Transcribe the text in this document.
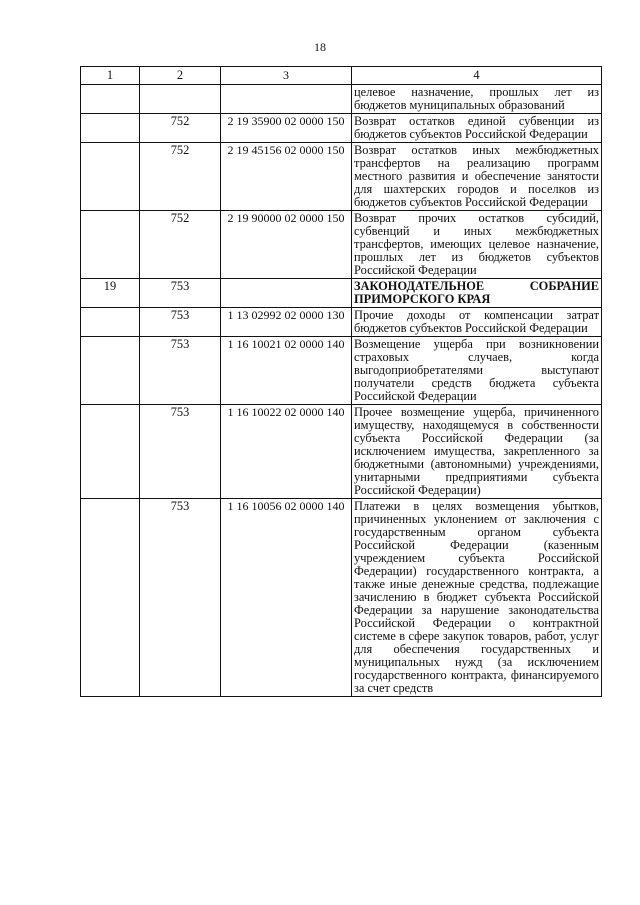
18
1	2	3	4
			целевое назначение, прошлых лет из бюджетов муниципальных образований
	752	2 19 35900 02 0000 150	Возврат остатков единой субвенции из бюджетов субъектов Российской Федерации
	752	2 19 45156 02 0000 150	Возврат остатков иных межбюджетных трансфертов на реализацию программ местного развития и обеспечение занятости для шахтерских городов и поселков из бюджетов субъектов Российской Федерации
	752	2 19 90000 02 0000 150	Возврат прочих остатков субсидий, субвенций и иных межбюджетных трансфертов, имеющих целевое назначение, прошлых лет из бюджетов субъектов Российской Федерации
19	753		ЗАКОНОДАТЕЛЬНОЕ СОБРАНИЕ ПРИМОРСКОГО КРАЯ
	753	1 13 02992 02 0000 130	Прочие доходы от компенсации затрат бюджетов субъектов Российской Федерации
	753	1 16 10021 02 0000 140	Возмещение ущерба при возникновении страховых случаев, когда выгодоприобретателями выступают получатели средств бюджета субъекта Российской Федерации
	753	1 16 10022 02 0000 140	Прочее возмещение ущерба, причиненного имуществу, находящемуся в собственности субъекта Российской Федерации (за исключением имущества, закрепленного за бюджетными (автономными) учреждениями, унитарными предприятиями субъекта Российской Федерации)
	753	1 16 10056 02 0000 140	Платежи в целях возмещения убытков, причиненных уклонением от заключения с государственным органом субъекта Российской Федерации (казенным учреждением субъекта Российской Федерации) государственного контракта, а также иные денежные средства, подлежащие зачислению в бюджет субъекта Российской Федерации за нарушение законодательства Российской Федерации о контрактной системе в сфере закупок товаров, работ, услуг для обеспечения государственных и муниципальных нужд (за исключением государственного контракта, финансируемого за счет средств
